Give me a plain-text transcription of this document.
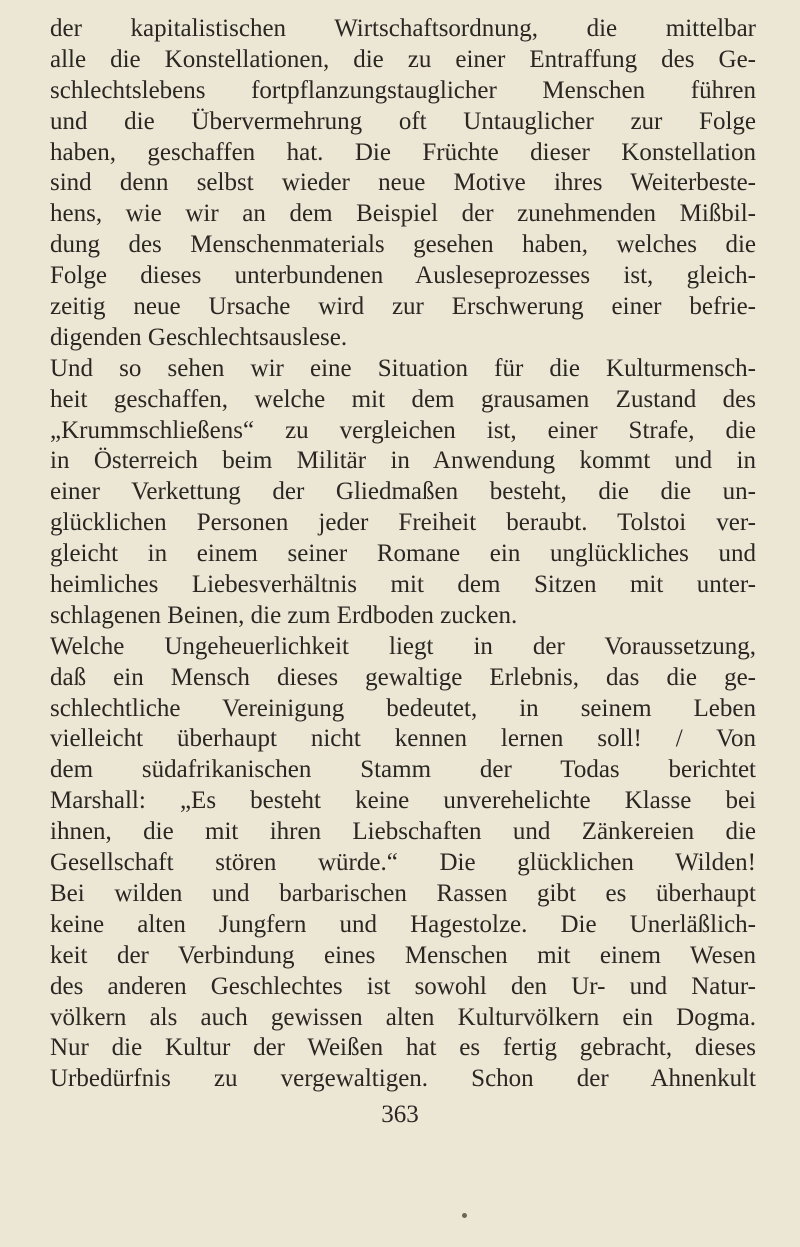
der kapitalistischen Wirtschaftsordnung, die mittelbar
alle die Konstellationen, die zu einer Entraffung des Ge-
schlechtslebens fortpflanzungstauglicher Menschen führen
und die Übervermehrung oft Untauglicher zur Folge
haben, geschaffen hat. Die Früchte dieser Konstellation
sind denn selbst wieder neue Motive ihres Weiterbeste-
hens, wie wir an dem Beispiel der zunehmenden Mißbil-
dung des Menschenmaterials gesehen haben, welches die
Folge dieses unterbundenen Ausleseprozesses ist, gleich-
zeitig neue Ursache wird zur Erschwerung einer befrie-
digenden Geschlechtsauslese.
Und so sehen wir eine Situation für die Kulturmensch-
heit geschaffen, welche mit dem grausamen Zustand des
„Krummschließens“ zu vergleichen ist, einer Strafe, die
in Österreich beim Militär in Anwendung kommt und in
einer Verkettung der Gliedmaßen besteht, die die un-
glücklichen Personen jeder Freiheit beraubt. Tolstoi ver-
gleicht in einem seiner Romane ein unglückliches und
heimliches Liebesverhältnis mit dem Sitzen mit unter-
schlagenen Beinen, die zum Erdboden zucken.
Welche Ungeheuerlichkeit liegt in der Voraussetzung,
daß ein Mensch dieses gewaltige Erlebnis, das die ge-
schlechtliche Vereinigung bedeutet, in seinem Leben
vielleicht überhaupt nicht kennen lernen soll! / Von
dem südafrikanischen Stamm der Todas berichtet
Marshall: „Es besteht keine unverehelichte Klasse bei
ihnen, die mit ihren Liebschaften und Zänkereien die
Gesellschaft stören würde.“ Die glücklichen Wilden!
Bei wilden und barbarischen Rassen gibt es überhaupt
keine alten Jungfern und Hagestolze. Die Unerläßlich-
keit der Verbindung eines Menschen mit einem Wesen
des anderen Geschlechtes ist sowohl den Ur- und Natur-
völkern als auch gewissen alten Kulturvölkern ein Dogma.
Nur die Kultur der Weißen hat es fertig gebracht, dieses
Urbedürfnis zu vergewaltigen. Schon der Ahnenkult
363
